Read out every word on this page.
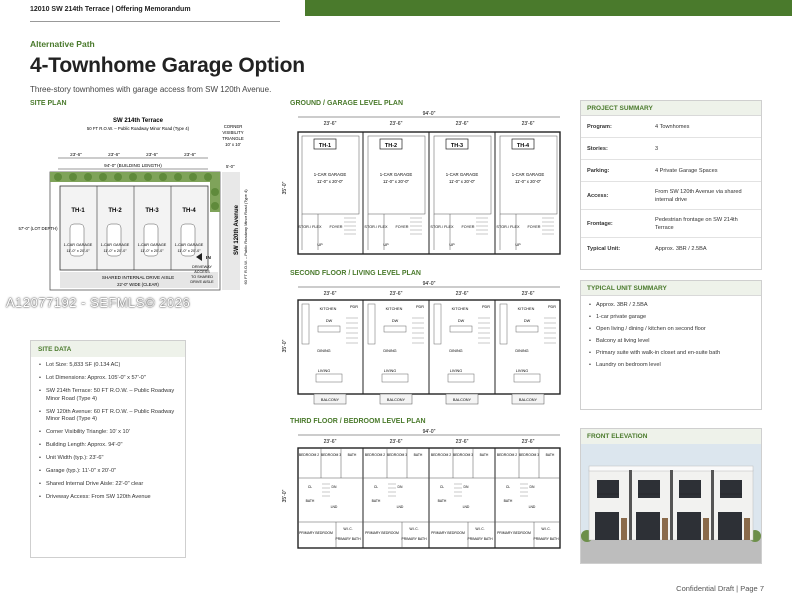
12010 SW 214th Terrace | Offering Memorandum
Alternative Path
4-Townhome Garage Option
Three-story townhomes with garage access from SW 120th Avenue.
SITE PLAN
SW 214th Terrace
50 FT R.O.W. – Public Roadway Minor Road (Type 4)	CORNER
VISIBILITY
TRIANGLE
10' x 10'
23'-6"	23'-6"	23'-6"	23'-6"
94'-0" (BUILDING LENGTH)	5'-0"
TH-1	TH-2	TH-3	TH-4
1-CAR GARAGE 1-CAR GARAGE 1-CAR GARAGE 1-CAR GARAGE
11'-0" x 20'-0"	11'-0" x 20'-0"	11'-0" x 20'-0"	11'-0" x 20'-0"
SHARED INTERNAL DRIVE AISLE
22'-0" WIDE (CLEAR)
57'-0" (LOT DEPTH)	SW 120th Avenue 60 FT R.O.W. – Public Roadway Minor Road (Type 4)
IN
DRIVEWAY
ACCESS
TO SHARED
DRIVE AISLE
A12077192 - SEFMLS© 2026
SITE DATA
• Lot Size: 5,833 SF (0.134 AC)
• Lot Dimensions: Approx. 105'-0" x 57'-0"
• SW 214th Terrace: 50 FT R.O.W. – Public Roadway Minor Road (Type 4)
• SW 120th Avenue: 60 FT R.O.W. – Public Roadway Minor Road (Type 4)
• Corner Visibility Triangle: 10' x 10'
• Building Length: Approx. 94'-0"
• Unit Width (typ.): 23'-6"
• Garage (typ.): 11'-0" x 20'-0"
• Shared Internal Drive Aisle: 22'-0" clear
• Driveway Access: From SW 120th Avenue
GROUND / GARAGE LEVEL PLAN
94'-0"
23'-6"	23'-6"	23'-6"	23'-6"
35'-0"
TH-1	TH-2	TH-3	TH-4
1-CAR GARAGE	1-CAR GARAGE	1-CAR GARAGE	1-CAR GARAGE
11'-0" x 20'-0"	11'-0" x 20'-0"	11'-0" x 20'-0"	11'-0" x 20'-0"
STOR./ FLEX	STOR./ FLEX	STOR./ FLEX	STOR./ FLEX
FOYER	FOYER	FOYER	FOYER
UP	UP	UP	UP
SECOND FLOOR / LIVING LEVEL PLAN
94'-0"
23'-6"	23'-6"	23'-6"	23'-6"
35'-0"
KITCHEN	KITCHEN	KITCHEN	KITCHEN
PDR	PDR	PDR	PDR
DW	DW	DW	DW
DINING	DINING	DINING	DINING
LIVING	LIVING	LIVING	LIVING
BALCONY	BALCONY	BALCONY	BALCONY
THIRD FLOOR / BEDROOM LEVEL PLAN
94'-0"
23'-6"	23'-6"	23'-6"	23'-6"
35'-0"
BEDROOM 2	BEDROOM 2	BEDROOM 2	BEDROOM 2
BEDROOM 3	BEDROOM 3	BEDROOM 3	BEDROOM 3
BATH	BATH	BATH	BATH
CL	CL	CL	CL
DN	DN	DN	DN
BATH	BATH	BATH	BATH
LND	LND	LND	LND
PRIMARY BEDROOM	PRIMARY BEDROOM	PRIMARY BEDROOM	PRIMARY BEDROOM
W.I.C.	W.I.C.	W.I.C.	W.I.C.
PRIMARY BATH	PRIMARY BATH	PRIMARY BATH	PRIMARY BATH
PROJECT SUMMARY
Program:	4 Townhomes
Stories:	3
Parking:	4 Private Garage Spaces
Access:
From SW 120th Avenue via shared internal drive
Frontage:
Pedestrian frontage on SW 214th Terrace
Typical Unit:	Approx. 3BR / 2.5BA
TYPICAL UNIT SUMMARY
• Approx. 3BR / 2.5BA
• 1-car private garage
• Open living / dining / kitchen on second floor
• Balcony at living level
• Primary suite with walk-in closet and en-suite bath
• Laundry on bedroom level
FRONT ELEVATION
Confidential Draft | Page 7
